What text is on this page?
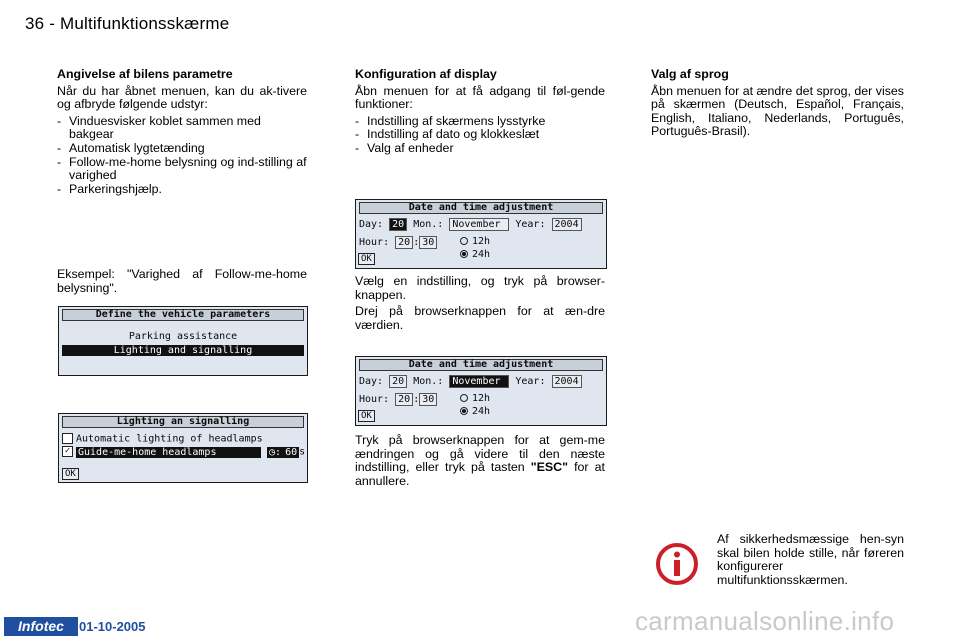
36 - Multifunktionsskærme
Angivelse af bilens parametre

Når du har åbnet menuen, kan du ak-tivere og afbryde følgende udstyr:

- Vinduesvisker koblet sammen med bakgear
- Automatisk lygtetænding
- Follow-me-home belysning og ind-stilling af varighed
- Parkeringshjælp.

Eksempel: "Varighed af Follow-me-home belysning".

Define the vehicle parameters
Parking assistance
Lighting and signalling
Lighting an signalling
Automatic lighting of headlamps
✓ Guide-me-home headlamps	◷: 60 s
OK
Konfiguration af display

Åbn menuen for at få adgang til føl-gende funktioner:

- Indstilling af skærmens lysstyrke
- Indstilling af dato og klokkeslæt
- Valg af enheder
Date and time adjustment
Day: 20 Mon.: November Year: 2004
Hour: 20 : 30	12h
24h
OK

Vælg en indstilling, og tryk på browser-knappen.

Drej på browserknappen for at æn-dre værdien.

Date and time adjustment
Day: 20 Mon.: November Year: 2004
Hour: 20 : 30	12h
24h
OK

Tryk på browserknappen for at gem-me ændringen og gå videre til den næste indstilling, eller tryk på tasten "ESC" for at annullere.

Valg af sprog

Åbn menuen for at ændre det sprog, der vises på skærmen (Deutsch, Español, Français, English, Italiano, Nederlands, Português, Português-Brasil).

Af sikkerhedsmæssige hen-syn skal bilen holde stille, når føreren konfigurerer multifunktionsskærmen.
Infotec	01-10-2005	carmanualsonline.info
